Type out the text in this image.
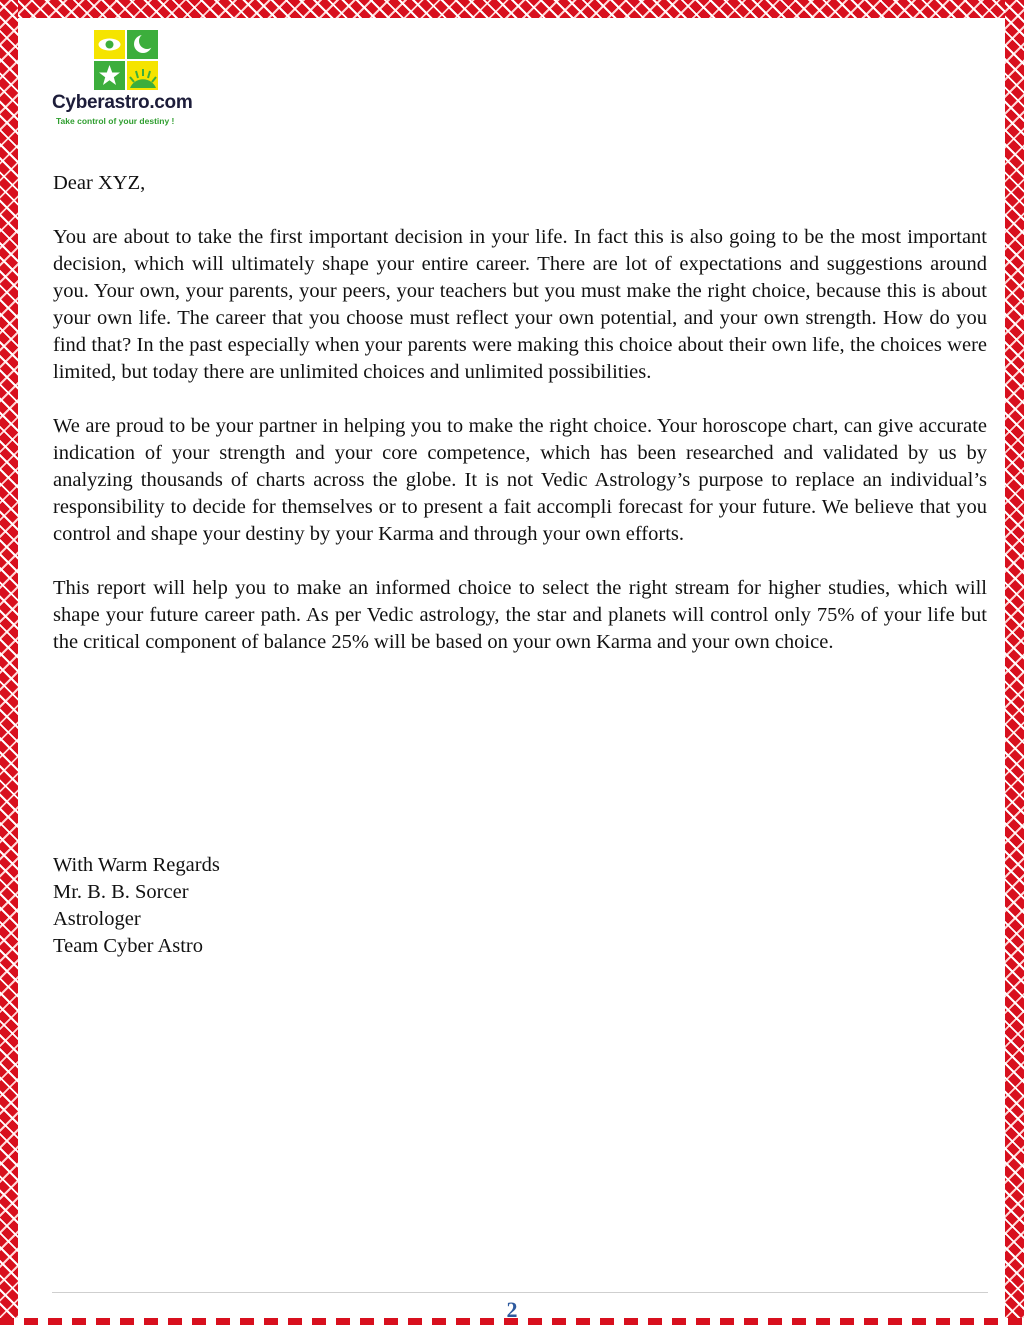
Cyberastro.com
Take control of your destiny !

Dear XYZ,

You are about to take the first important decision in your life. In fact this is also going to be the most important decision, which will ultimately shape your entire career. There are lot of expectations and suggestions around you. Your own, your parents, your peers, your teachers but you must make the right choice, because this is about your own life. The career that you choose must reflect your own potential, and your own strength. How do you find that? In the past especially when your parents were making this choice about their own life, the choices were limited, but today there are unlimited choices and unlimited possibilities.

We are proud to be your partner in helping you to make the right choice. Your horoscope chart, can give accurate indication of your strength and your core competence, which has been researched and validated by us by analyzing thousands of charts across the globe. It is not Vedic Astrology’s purpose to replace an individual’s responsibility to decide for themselves or to present a fait accompli forecast for your future. We believe that you control and shape your destiny by your Karma and through your own efforts.

This report will help you to make an informed choice to select the right stream for higher studies, which will shape your future career path. As per Vedic astrology, the star and planets will control only 75% of your life but the critical component of balance 25% will be based on your own Karma and your own choice.

With Warm Regards
Mr. B. B. Sorcer
Astrologer
Team Cyber Astro
2
